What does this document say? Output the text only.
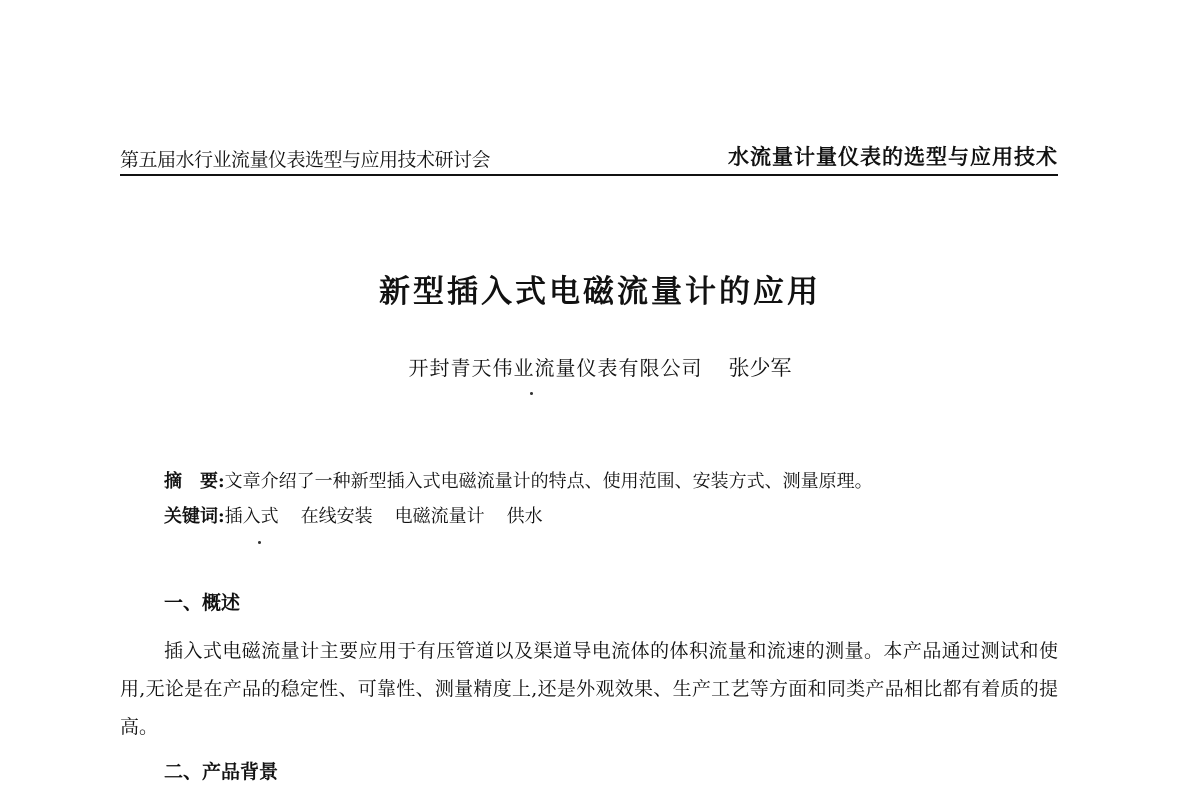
第五届水行业流量仪表选型与应用技术研讨会	水流量计量仪表的选型与应用技术
新型插入式电磁流量计的应用
开封青天伟业流量仪表有限公司 张少军
摘　要:文章介绍了一种新型插入式电磁流量计的特点、使用范围、安装方式、测量原理。
关键词:插入式 在线安装 电磁流量计 供水
一、概述
插入式电磁流量计主要应用于有压管道以及渠道导电流体的体积流量和流速的测量。本产品通过测试和使用,无论是在产品的稳定性、可靠性、测量精度上,还是外观效果、生产工艺等方面和同类产品相比都有着质的提高。
二、产品背景
